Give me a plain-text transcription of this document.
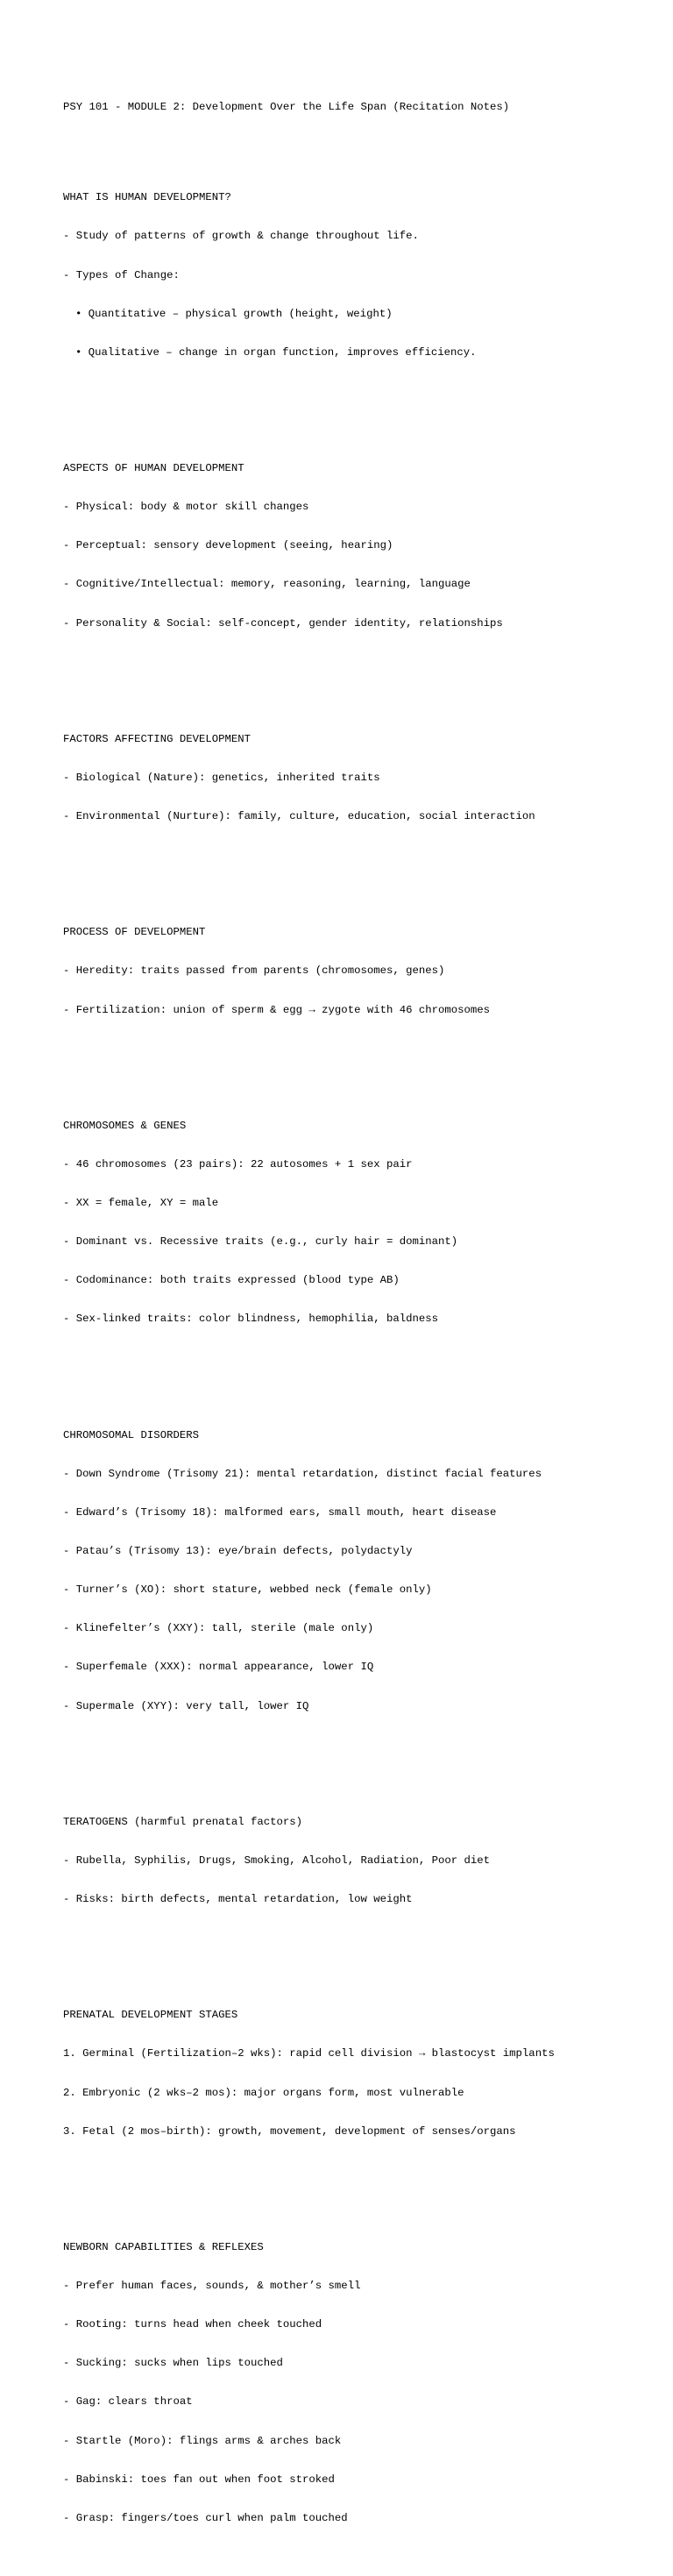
PSY 101 - MODULE 2: Development Over the Life Span (Recitation Notes)

WHAT IS HUMAN DEVELOPMENT?

- Study of patterns of growth & change throughout life.

- Types of Change:

• Quantitative – physical growth (height, weight)

• Qualitative – change in organ function, improves efficiency.

ASPECTS OF HUMAN DEVELOPMENT

- Physical: body & motor skill changes

- Perceptual: sensory development (seeing, hearing)

- Cognitive/Intellectual: memory, reasoning, learning, language

- Personality & Social: self-concept, gender identity, relationships

FACTORS AFFECTING DEVELOPMENT

- Biological (Nature): genetics, inherited traits

- Environmental (Nurture): family, culture, education, social interaction

PROCESS OF DEVELOPMENT

- Heredity: traits passed from parents (chromosomes, genes)

- Fertilization: union of sperm & egg → zygote with 46 chromosomes

CHROMOSOMES & GENES

- 46 chromosomes (23 pairs): 22 autosomes + 1 sex pair

- XX = female, XY = male

- Dominant vs. Recessive traits (e.g., curly hair = dominant)

- Codominance: both traits expressed (blood type AB)

- Sex-linked traits: color blindness, hemophilia, baldness

CHROMOSOMAL DISORDERS

- Down Syndrome (Trisomy 21): mental retardation, distinct facial features

- Edward’s (Trisomy 18): malformed ears, small mouth, heart disease

- Patau’s (Trisomy 13): eye/brain defects, polydactyly

- Turner’s (XO): short stature, webbed neck (female only)

- Klinefelter’s (XXY): tall, sterile (male only)

- Superfemale (XXX): normal appearance, lower IQ

- Supermale (XYY): very tall, lower IQ

TERATOGENS (harmful prenatal factors)

- Rubella, Syphilis, Drugs, Smoking, Alcohol, Radiation, Poor diet

- Risks: birth defects, mental retardation, low weight

PRENATAL DEVELOPMENT STAGES

1. Germinal (Fertilization–2 wks): rapid cell division → blastocyst implants

2. Embryonic (2 wks–2 mos): major organs form, most vulnerable

3. Fetal (2 mos–birth): growth, movement, development of senses/organs

NEWBORN CAPABILITIES & REFLEXES

- Prefer human faces, sounds, & mother’s smell

- Rooting: turns head when cheek touched

- Sucking: sucks when lips touched

- Gag: clears throat

- Startle (Moro): flings arms & arches back

- Babinski: toes fan out when foot stroked

- Grasp: fingers/toes curl when palm touched
